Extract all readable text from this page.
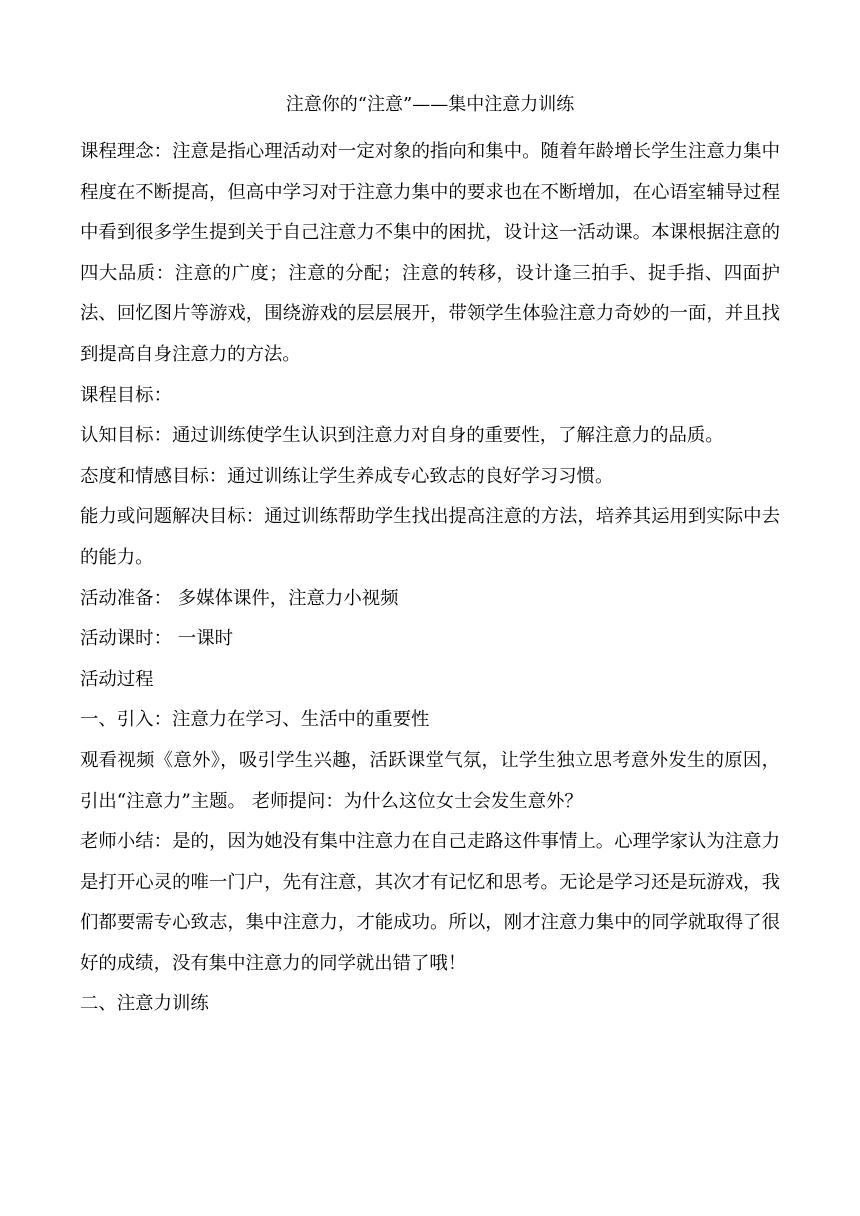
注意你的“注意”——集中注意力训练

课程理念：注意是指心理活动对一定对象的指向和集中。随着年龄增长学生注意力集中程度在不断提高，但高中学习对于注意力集中的要求也在不断增加，在心语室辅导过程中看到很多学生提到关于自己注意力不集中的困扰，设计这一活动课。本课根据注意的四大品质：注意的广度；注意的分配；注意的转移，设计逢三拍手、捉手指、四面护法、回忆图片等游戏，围绕游戏的层层展开，带领学生体验注意力奇妙的一面，并且找到提高自身注意力的方法。

课程目标：

认知目标：通过训练使学生认识到注意力对自身的重要性，了解注意力的品质。

态度和情感目标：通过训练让学生养成专心致志的良好学习习惯。

能力或问题解决目标：通过训练帮助学生找出提高注意的方法，培养其运用到实际中去的能力。

活动准备： 多媒体课件，注意力小视频

活动课时： 一课时

活动过程

一、引入：注意力在学习、生活中的重要性

观看视频《意外》，吸引学生兴趣，活跃课堂气氛，让学生独立思考意外发生的原因，引出“注意力”主题。 老师提问：为什么这位女士会发生意外？

老师小结：是的，因为她没有集中注意力在自己走路这件事情上。心理学家认为注意力是打开心灵的唯一门户，先有注意，其次才有记忆和思考。无论是学习还是玩游戏，我们都要需专心致志，集中注意力，才能成功。所以，刚才注意力集中的同学就取得了很好的成绩，没有集中注意力的同学就出错了哦！

二、注意力训练
